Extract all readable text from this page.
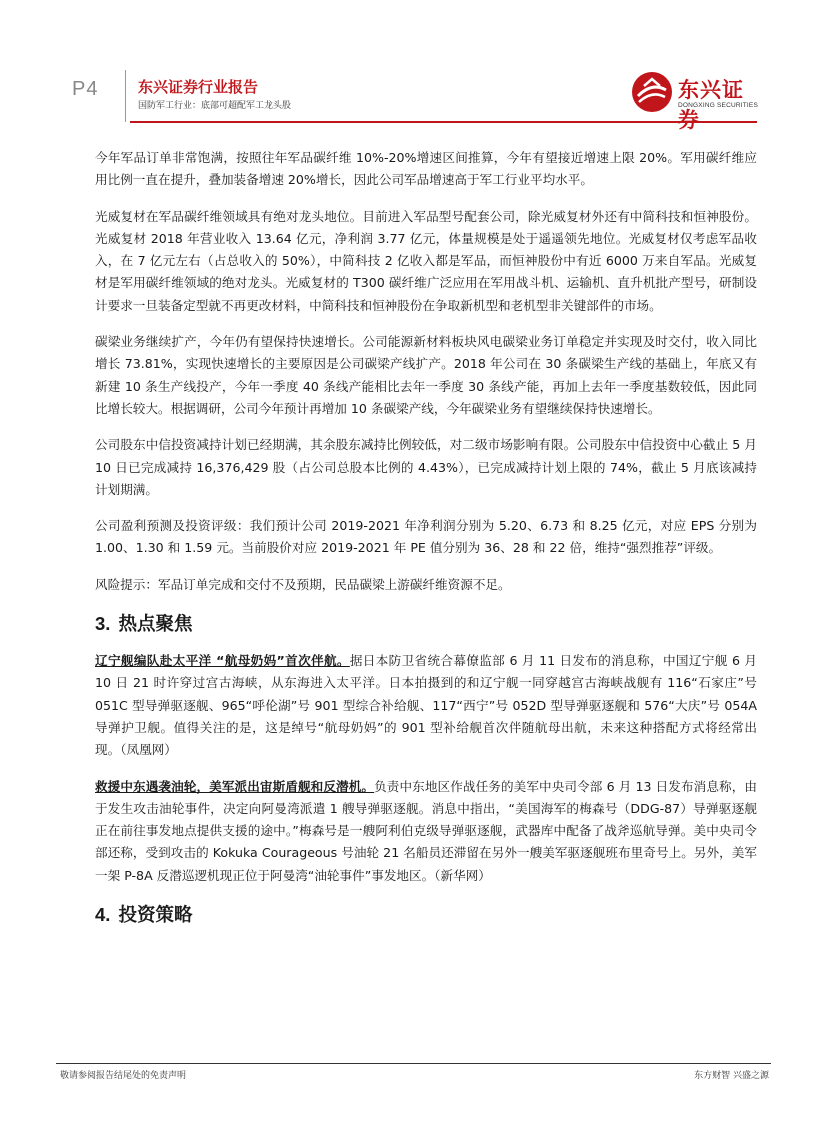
P4	东兴证券行业报告
国防军工行业：底部可超配军工龙头股
东兴证券
DONGXING SECURITIES

今年军品订单非常饱满，按照往年军品碳纤维 10%-20%增速区间推算，今年有望接近增速上限 20%。军用碳纤维应用比例一直在提升，叠加装备增速 20%增长，因此公司军品增速高于军工行业平均水平。

光威复材在军品碳纤维领域具有绝对龙头地位。目前进入军品型号配套公司，除光威复材外还有中简科技和恒神股份。光威复材 2018 年营业收入 13.64 亿元，净利润 3.77 亿元，体量规模是处于遥遥领先地位。光威复材仅考虑军品收入，在 7 亿元左右（占总收入的 50%），中简科技 2 亿收入都是军品，而恒神股份中有近 6000 万来自军品。光威复材是军用碳纤维领域的绝对龙头。光威复材的 T300 碳纤维广泛应用在军用战斗机、运输机、直升机批产型号，研制设计要求一旦装备定型就不再更改材料，中简科技和恒神股份在争取新机型和老机型非关键部件的市场。

碳梁业务继续扩产，今年仍有望保持快速增长。公司能源新材料板块风电碳梁业务订单稳定并实现及时交付，收入同比增长 73.81%，实现快速增长的主要原因是公司碳梁产线扩产。2018 年公司在 30 条碳梁生产线的基础上，年底又有新建 10 条生产线投产，今年一季度 40 条线产能相比去年一季度 30 条线产能，再加上去年一季度基数较低，因此同比增长较大。根据调研，公司今年预计再增加 10 条碳梁产线，今年碳梁业务有望继续保持快速增长。

公司股东中信投资减持计划已经期满，其余股东减持比例较低，对二级市场影响有限。公司股东中信投资中心截止 5 月 10 日已完成减持 16,376,429 股（占公司总股本比例的 4.43%），已完成减持计划上限的 74%，截止 5 月底该减持计划期满。

公司盈利预测及投资评级：我们预计公司 2019-2021 年净利润分别为 5.20、6.73 和 8.25 亿元，对应 EPS 分别为 1.00、1.30 和 1.59 元。当前股价对应 2019-2021 年 PE 值分别为 36、28 和 22 倍，维持“强烈推荐”评级。

风险提示：军品订单完成和交付不及预期，民品碳梁上游碳纤维资源不足。

3. 热点聚焦

辽宁舰编队赴太平洋 “航母奶妈”首次伴航。据日本防卫省统合幕僚监部 6 月 11 日发布的消息称，中国辽宁舰 6 月 10 日 21 时许穿过宫古海峡，从东海进入太平洋。日本拍摄到的和辽宁舰一同穿越宫古海峡战舰有 116“石家庄”号 051C 型导弹驱逐舰、965“呼伦湖”号 901 型综合补给舰、117“西宁”号 052D 型导弹驱逐舰和 576“大庆”号 054A 导弹护卫舰。值得关注的是，这是绰号“航母奶妈”的 901 型补给舰首次伴随航母出航，未来这种搭配方式将经常出现。（凤凰网）

救援中东遇袭油轮，美军派出宙斯盾舰和反潜机。负责中东地区作战任务的美军中央司令部 6 月 13 日发布消息称，由于发生攻击油轮事件，决定向阿曼湾派遣 1 艘导弹驱逐舰。消息中指出，“美国海军的梅森号（DDG-87）导弹驱逐舰正在前往事发地点提供支援的途中。”梅森号是一艘阿利伯克级导弹驱逐舰，武器库中配备了战斧巡航导弹。美中央司令部还称，受到攻击的 Kokuka Courageous 号油轮 21 名船员还滞留在另外一艘美军驱逐舰班布里奇号上。另外，美军一架 P-8A 反潜巡逻机现正位于阿曼湾“油轮事件”事发地区。（新华网）

4. 投资策略
敬请参阅报告结尾处的免责声明	东方财智 兴盛之源
